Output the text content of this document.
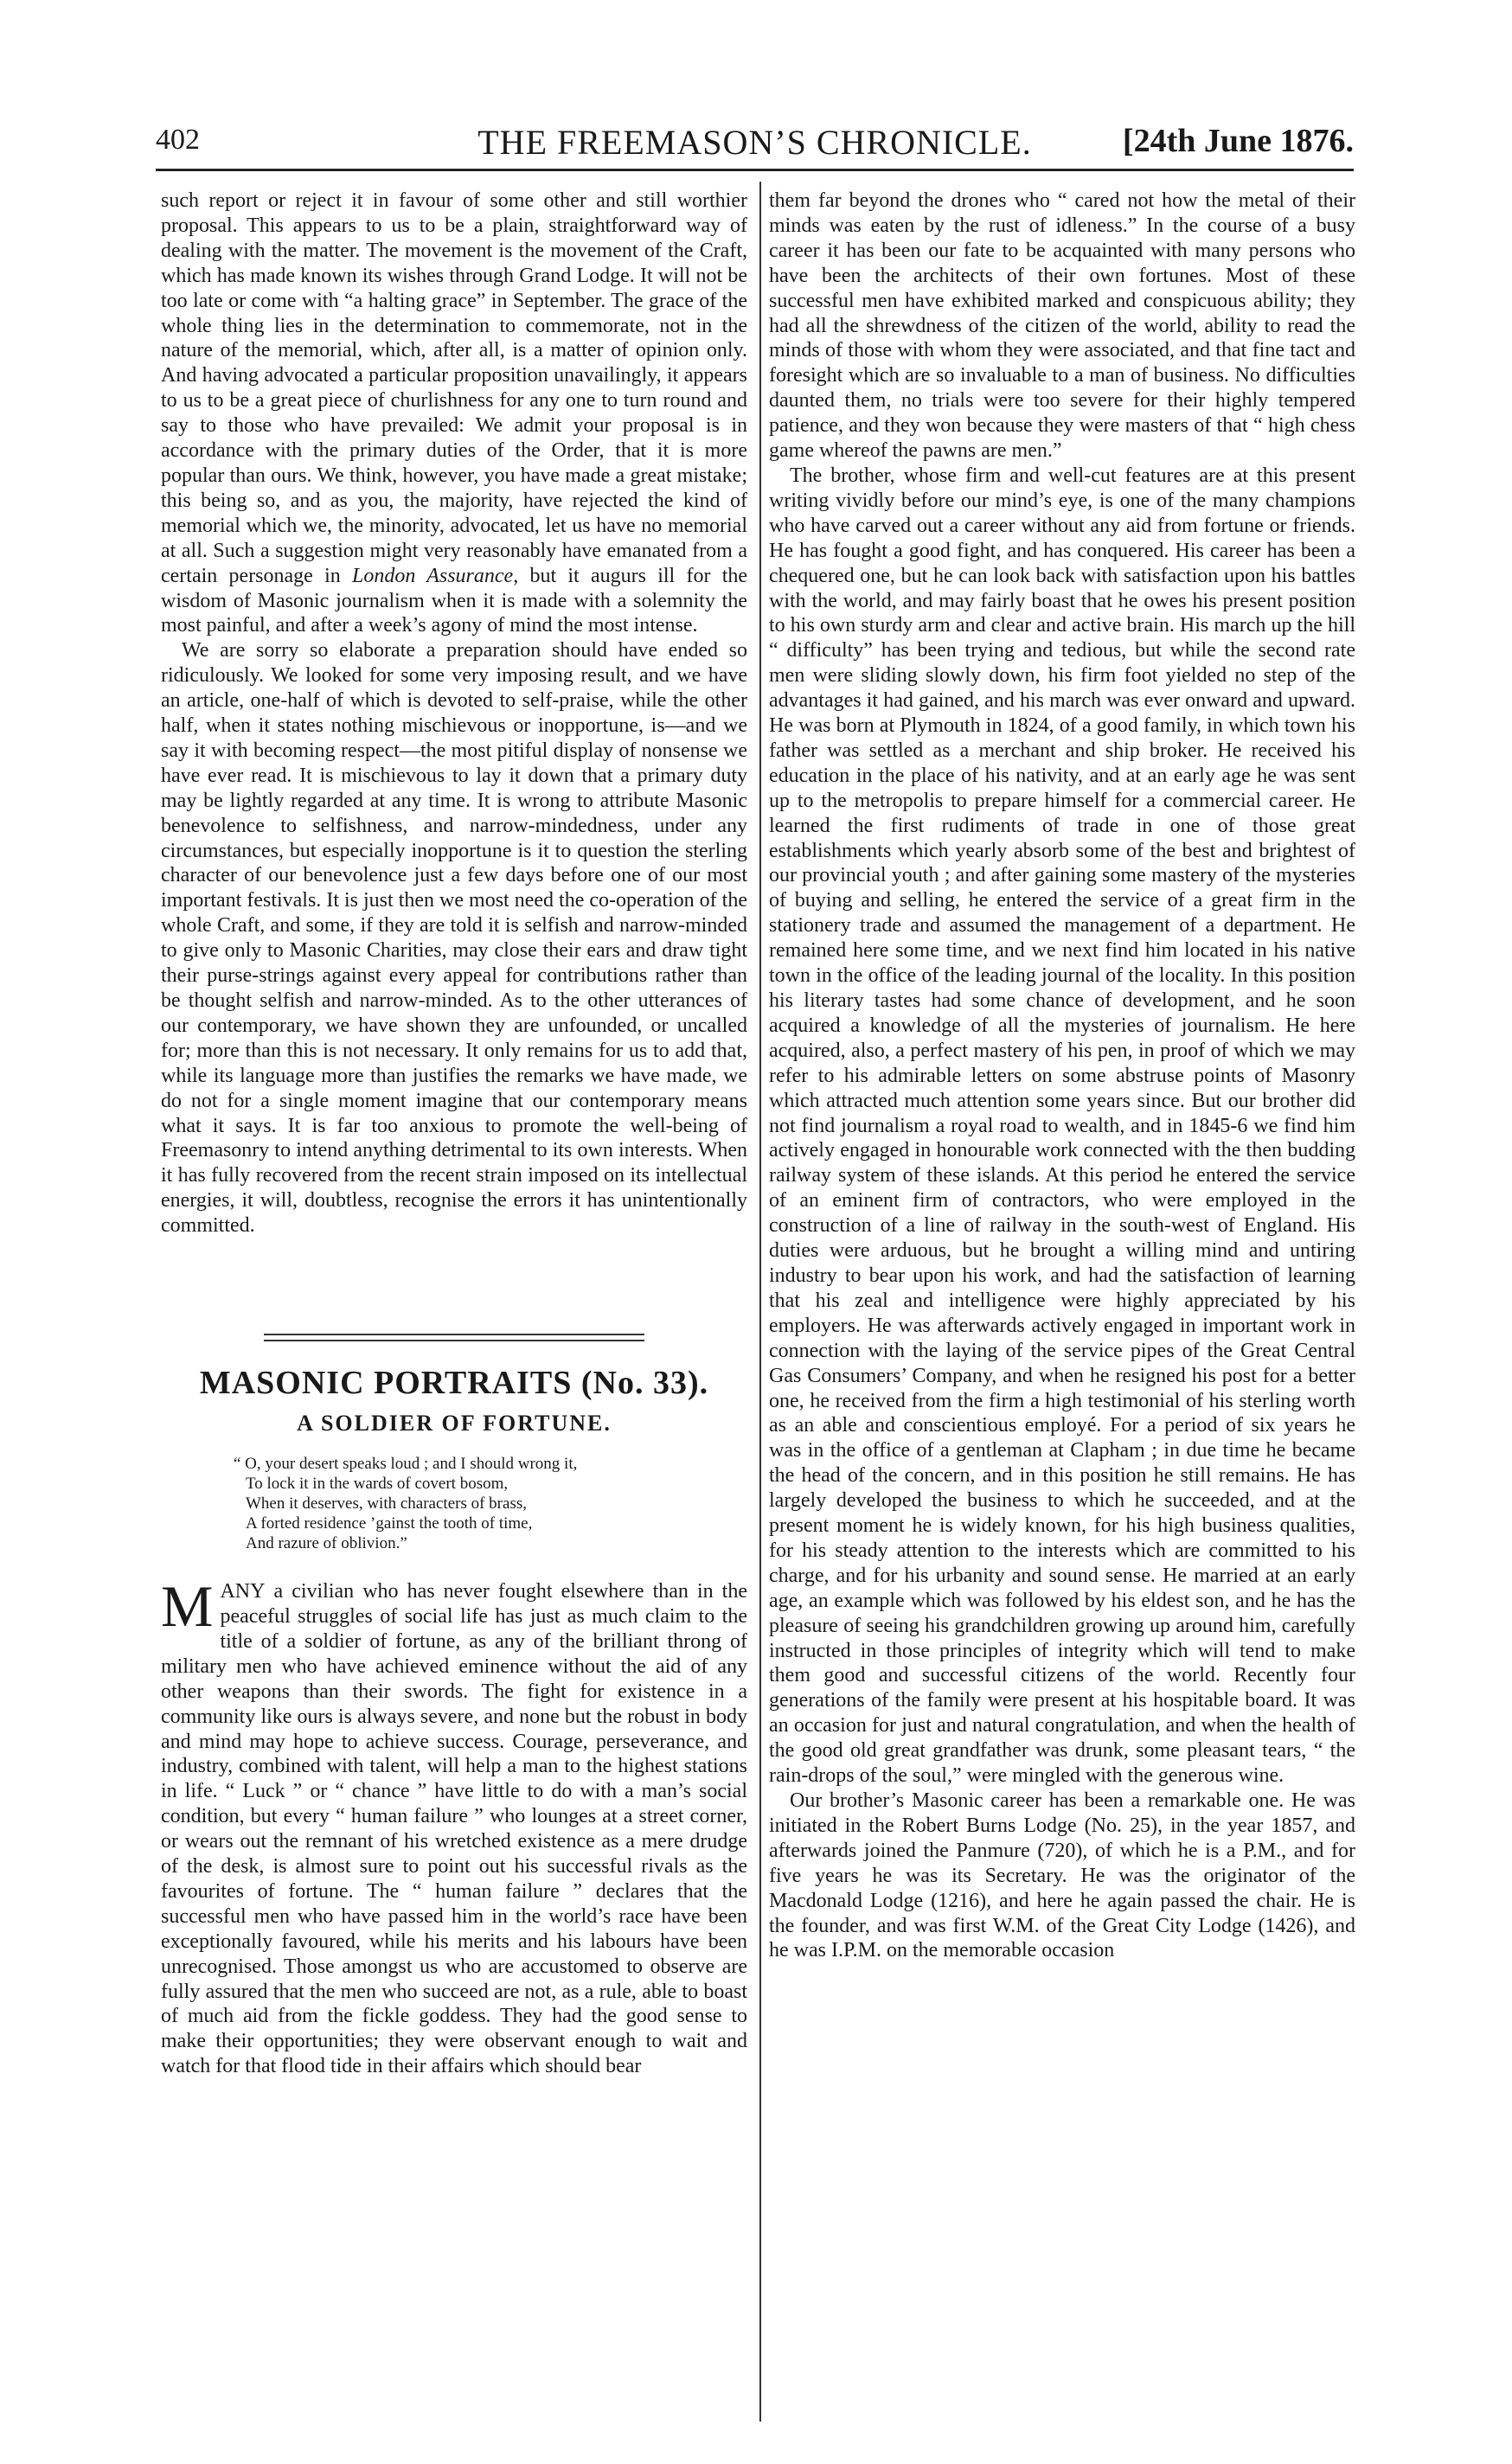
402	THE FREEMASON’S CHRONICLE.	[24th June 1876.

such report or reject it in favour of some other and still worthier proposal. This appears to us to be a plain, straightforward way of dealing with the matter. The movement is the movement of the Craft, which has made known its wishes through Grand Lodge. It will not be too late or come with “a halting grace” in September. The grace of the whole thing lies in the determination to commemorate, not in the nature of the memorial, which, after all, is a matter of opinion only. And having advocated a particular proposition unavailingly, it appears to us to be a great piece of churlishness for any one to turn round and say to those who have prevailed: We admit your proposal is in accordance with the primary duties of the Order, that it is more popular than ours. We think, however, you have made a great mistake; this being so, and as you, the majority, have rejected the kind of memorial which we, the minority, advocated, let us have no memorial at all. Such a suggestion might very reasonably have emanated from a certain personage in London Assurance, but it augurs ill for the wisdom of Masonic journalism when it is made with a solemnity the most painful, and after a week’s agony of mind the most intense.

We are sorry so elaborate a preparation should have ended so ridiculously. We looked for some very imposing result, and we have an article, one-half of which is devoted to self-praise, while the other half, when it states nothing mischievous or inopportune, is—and we say it with becoming respect—the most pitiful display of nonsense we have ever read. It is mischievous to lay it down that a primary duty may be lightly regarded at any time. It is wrong to attribute Masonic benevolence to selfishness, and narrow-mindedness, under any circumstances, but especially inopportune is it to question the sterling character of our benevolence just a few days before one of our most important festivals. It is just then we most need the co-operation of the whole Craft, and some, if they are told it is selfish and narrow-minded to give only to Masonic Charities, may close their ears and draw tight their purse-strings against every appeal for contributions rather than be thought selfish and narrow-minded. As to the other utterances of our contemporary, we have shown they are unfounded, or uncalled for; more than this is not necessary. It only remains for us to add that, while its language more than justifies the remarks we have made, we do not for a single moment imagine that our contemporary means what it says. It is far too anxious to promote the well-being of Freemasonry to intend anything detrimental to its own interests. When it has fully recovered from the recent strain imposed on its intellectual energies, it will, doubtless, recognise the errors it has unintentionally committed.

MASONIC PORTRAITS (No. 33).
A SOLDIER OF FORTUNE.
“ O, your desert speaks loud ; and I should wrong it,
To lock it in the wards of covert bosom,
When it deserves, with characters of brass,
A forted residence ’gainst the tooth of time,
And razure of oblivion.”

MANY a civilian who has never fought elsewhere than in the peaceful struggles of social life has just as much claim to the title of a soldier of fortune, as any of the brilliant throng of military men who have achieved eminence without the aid of any other weapons than their swords. The fight for existence in a community like ours is always severe, and none but the robust in body and mind may hope to achieve success. Courage, perseverance, and industry, combined with talent, will help a man to the highest stations in life. “ Luck ” or “ chance ” have little to do with a man’s social condition, but every “ human failure ” who lounges at a street corner, or wears out the remnant of his wretched existence as a mere drudge of the desk, is almost sure to point out his successful rivals as the favourites of fortune. The “ human failure ” declares that the successful men who have passed him in the world’s race have been exceptionally favoured, while his merits and his labours have been unrecognised. Those amongst us who are accustomed to observe are fully assured that the men who succeed are not, as a rule, able to boast of much aid from the fickle goddess. They had the good sense to make their opportunities; they were observant enough to wait and watch for that flood tide in their affairs which should bear

them far beyond the drones who “ cared not how the metal of their minds was eaten by the rust of idleness.” In the course of a busy career it has been our fate to be acquainted with many persons who have been the architects of their own fortunes. Most of these successful men have exhibited marked and conspicuous ability; they had all the shrewdness of the citizen of the world, ability to read the minds of those with whom they were associated, and that fine tact and foresight which are so invaluable to a man of business. No difficulties daunted them, no trials were too severe for their highly tempered patience, and they won because they were masters of that “ high chess game whereof the pawns are men.”

The brother, whose firm and well-cut features are at this present writing vividly before our mind’s eye, is one of the many champions who have carved out a career without any aid from fortune or friends. He has fought a good fight, and has conquered. His career has been a chequered one, but he can look back with satisfaction upon his battles with the world, and may fairly boast that he owes his present position to his own sturdy arm and clear and active brain. His march up the hill “ difficulty” has been trying and tedious, but while the second rate men were sliding slowly down, his firm foot yielded no step of the advantages it had gained, and his march was ever onward and upward. He was born at Plymouth in 1824, of a good family, in which town his father was settled as a merchant and ship broker. He received his education in the place of his nativity, and at an early age he was sent up to the metropolis to prepare himself for a commercial career. He learned the first rudiments of trade in one of those great establishments which yearly absorb some of the best and brightest of our provincial youth ; and after gaining some mastery of the mysteries of buying and selling, he entered the service of a great firm in the stationery trade and assumed the management of a department. He remained here some time, and we next find him located in his native town in the office of the leading journal of the locality. In this position his literary tastes had some chance of development, and he soon acquired a knowledge of all the mysteries of journalism. He here acquired, also, a perfect mastery of his pen, in proof of which we may refer to his admirable letters on some abstruse points of Masonry which attracted much attention some years since. But our brother did not find journalism a royal road to wealth, and in 1845-6 we find him actively engaged in honourable work connected with the then budding railway system of these islands. At this period he entered the service of an eminent firm of contractors, who were employed in the construction of a line of railway in the south-west of England. His duties were arduous, but he brought a willing mind and untiring industry to bear upon his work, and had the satisfaction of learning that his zeal and intelligence were highly appreciated by his employers. He was afterwards actively engaged in important work in connection with the laying of the service pipes of the Great Central Gas Consumers’ Company, and when he resigned his post for a better one, he received from the firm a high testimonial of his sterling worth as an able and conscientious employé. For a period of six years he was in the office of a gentleman at Clapham ; in due time he became the head of the concern, and in this position he still remains. He has largely developed the business to which he succeeded, and at the present moment he is widely known, for his high business qualities, for his steady attention to the interests which are committed to his charge, and for his urbanity and sound sense. He married at an early age, an example which was followed by his eldest son, and he has the pleasure of seeing his grandchildren growing up around him, carefully instructed in those principles of integrity which will tend to make them good and successful citizens of the world. Recently four generations of the family were present at his hospitable board. It was an occasion for just and natural congratulation, and when the health of the good old great grandfather was drunk, some pleasant tears, “ the rain-drops of the soul,” were mingled with the generous wine.

Our brother’s Masonic career has been a remarkable one. He was initiated in the Robert Burns Lodge (No. 25), in the year 1857, and afterwards joined the Panmure (720), of which he is a P.M., and for five years he was its Secretary. He was the originator of the Macdonald Lodge (1216), and here he again passed the chair. He is the founder, and was first W.M. of the Great City Lodge (1426), and he was I.P.M. on the memorable occasion
